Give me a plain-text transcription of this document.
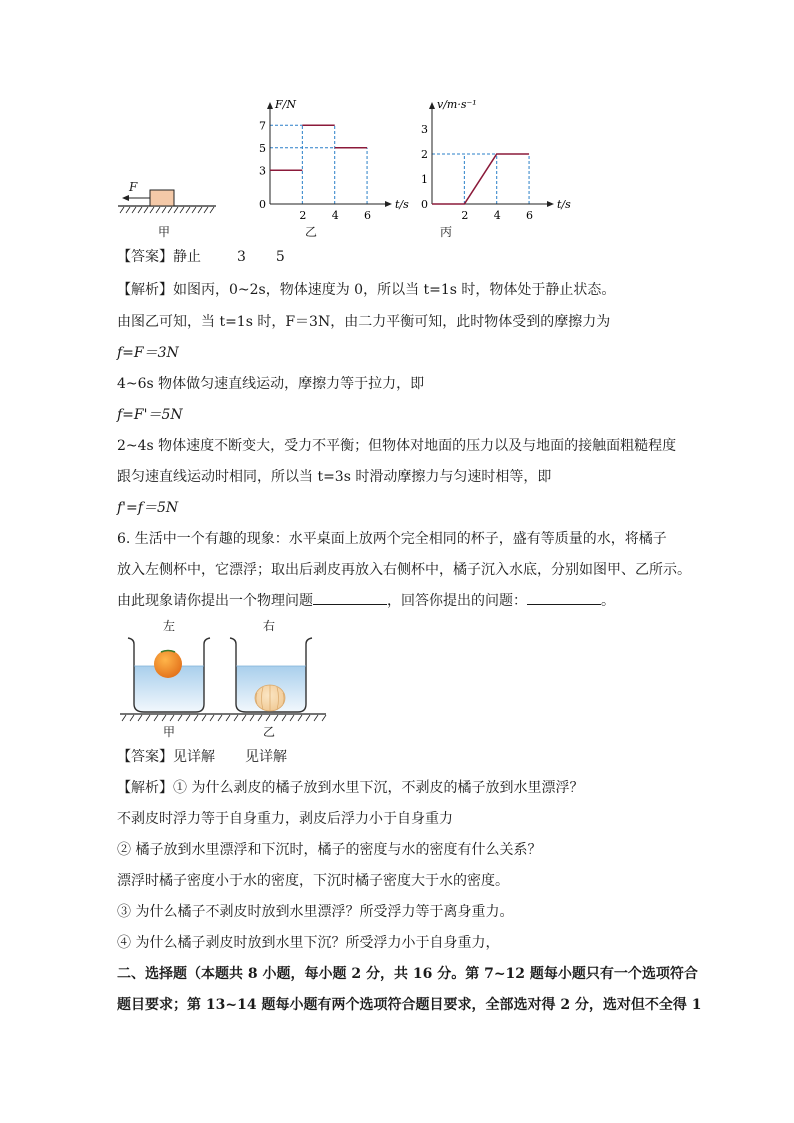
F
甲
F/N
t/s
0
2 4 6
3
5
7
乙
v/m·s⁻¹
t/s
0
2 4 6
1
2
3
丙
【答案】静止	3 5
【解析】如图丙，0~2s，物体速度为 0，所以当 t=1s 时，物体处于静止状态。
由图乙可知，当 t=1s 时，F＝3N，由二力平衡可知，此时物体受到的摩擦力为
f=F＝3N
4~6s 物体做匀速直线运动，摩擦力等于拉力，即
f=F'＝5N
2~4s 物体速度不断变大，受力不平衡；但物体对地面的压力以及与地面的接触面粗糙程度
跟匀速直线运动时相同，所以当 t=3s 时滑动摩擦力与匀速时相等，即
f'=f＝5N
6. 生活中一个有趣的现象：水平桌面上放两个完全相同的杯子，盛有等质量的水，将橘子
放入左侧杯中，它漂浮；取出后剥皮再放入右侧杯中，橘子沉入水底，分别如图甲、乙所示。
由此现象请你提出一个物理问题	，回答你提出的问题：	。
左	右
甲	乙
【答案】见详解 见详解
【解析】① 为什么剥皮的橘子放到水里下沉，不剥皮的橘子放到水里漂浮？
不剥皮时浮力等于自身重力，剥皮后浮力小于自身重力
② 橘子放到水里漂浮和下沉时，橘子的密度与水的密度有什么关系？
漂浮时橘子密度小于水的密度，下沉时橘子密度大于水的密度。
③ 为什么橘子不剥皮时放到水里漂浮？所受浮力等于离身重力。
④ 为什么橘子剥皮时放到水里下沉？所受浮力小于自身重力，
二、选择题（本题共 8 小题，每小题 2 分，共 16 分。第 7~12 题每小题只有一个选项符合
题目要求；第 13~14 题每小题有两个选项符合题目要求，全部选对得 2 分，选对但不全得 1
